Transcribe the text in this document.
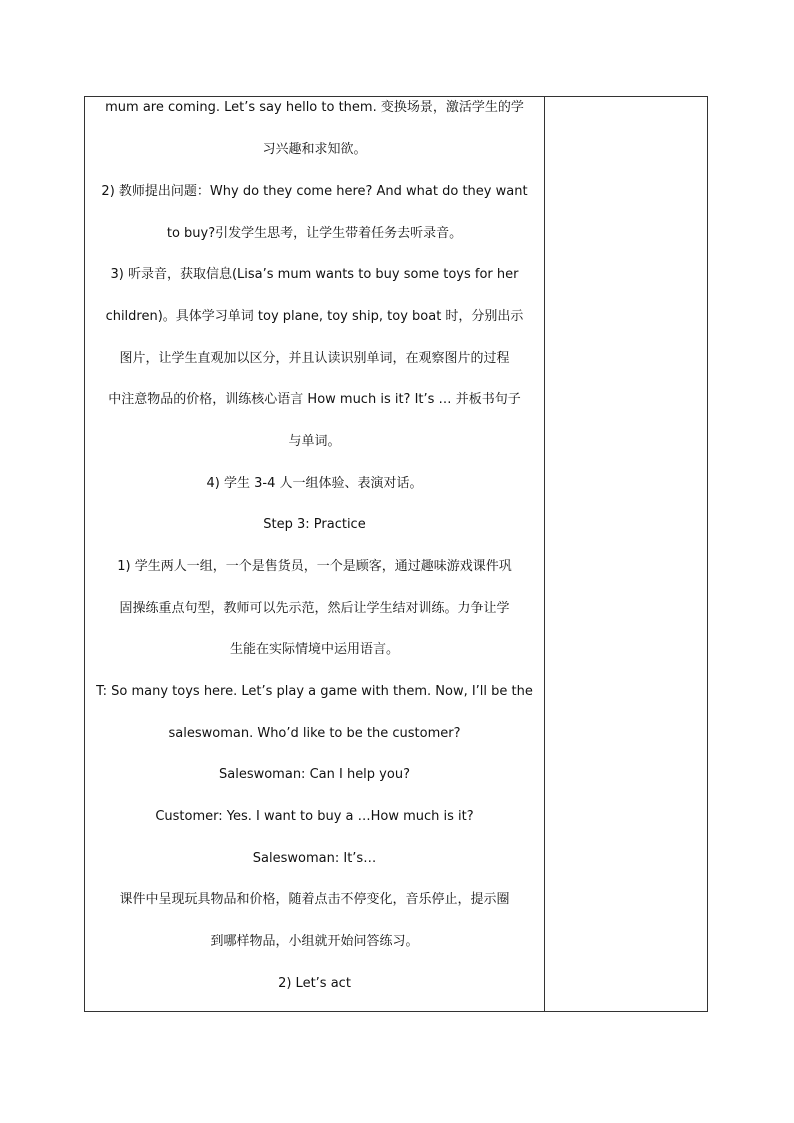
mum are coming. Let’s say hello to them. 变换场景，激活学生的学
习兴趣和求知欲。
2) 教师提出问题：Why do they come here? And what do they want
to buy?引发学生思考，让学生带着任务去听录音。
3) 听录音，获取信息(Lisa’s mum wants to buy some toys for her
children)。具体学习单词 toy plane, toy ship, toy boat 时，分别出示
图片，让学生直观加以区分，并且认读识别单词，在观察图片的过程
中注意物品的价格，训练核心语言 How much is it? It’s … 并板书句子
与单词。
4) 学生 3-4 人一组体验、表演对话。
Step 3: Practice
1) 学生两人一组，一个是售货员，一个是顾客，通过趣味游戏课件巩
固操练重点句型，教师可以先示范，然后让学生结对训练。力争让学
生能在实际情境中运用语言。
T: So many toys here. Let’s play a game with them. Now, I’ll be the
saleswoman. Who’d like to be the customer?
Saleswoman: Can I help you?
Customer: Yes. I want to buy a …How much is it?
Saleswoman: It’s…
课件中呈现玩具物品和价格，随着点击不停变化，音乐停止，提示圈
到哪样物品，小组就开始问答练习。
2) Let’s act
